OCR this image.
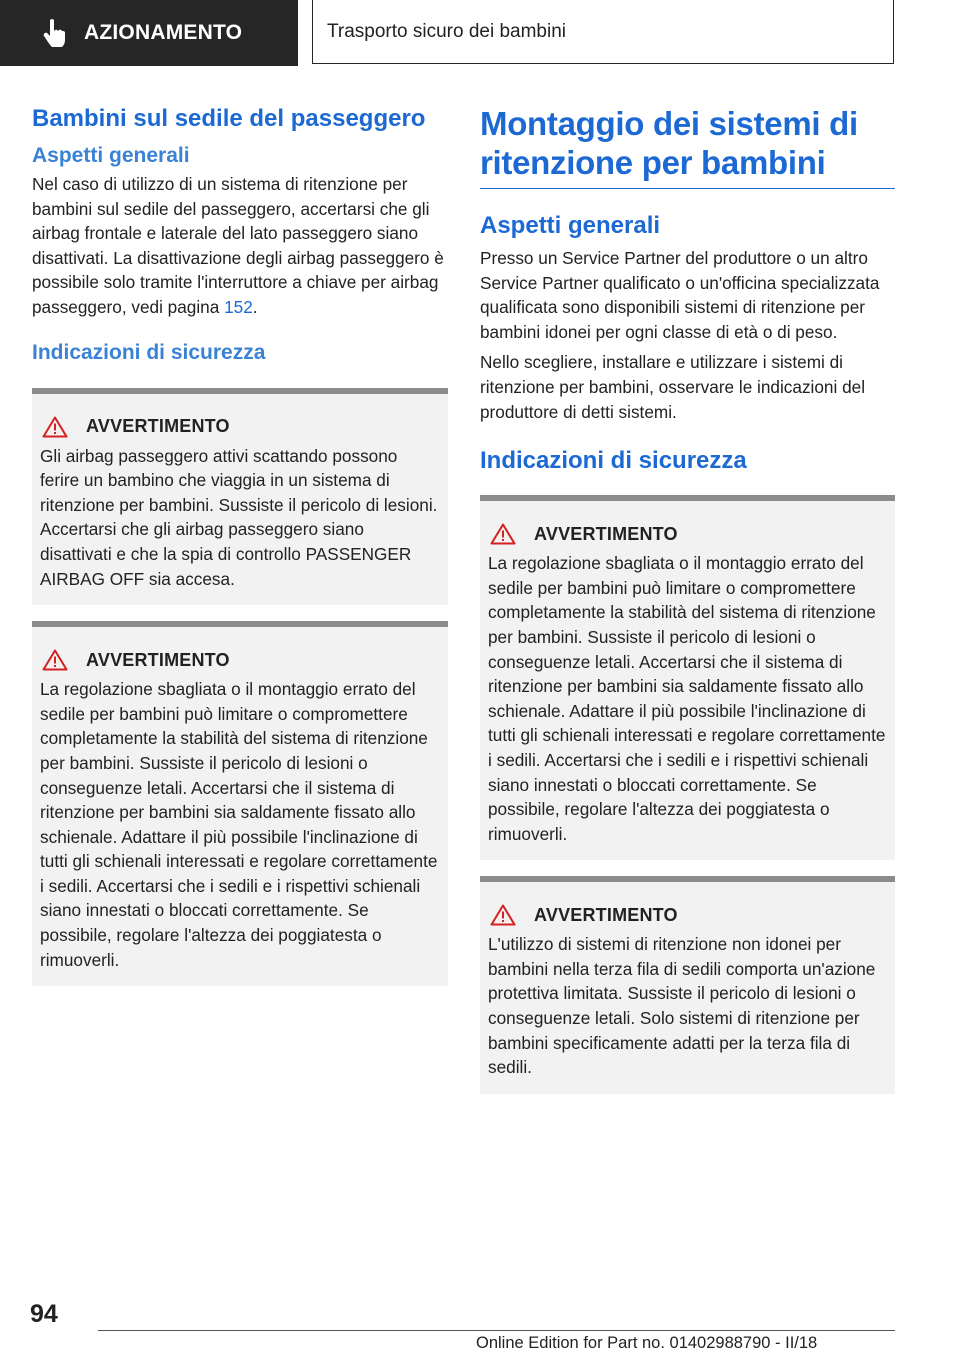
AZIONAMENTO	Trasporto sicuro dei bambini
Bambini sul sedile del passeggero
Aspetti generali

Nel caso di utilizzo di un sistema di ritenzione per bambini sul sedile del passeggero, accertarsi che gli airbag frontale e laterale del lato passeggero siano disattivati. La disattivazione degli airbag passeggero è possibile solo tramite l'interruttore a chiave per airbag passeggero, vedi pagina 152.

Indicazioni di sicurezza
AVVERTIMENTO

Gli airbag passeggero attivi scattando possono ferire un bambino che viaggia in un sistema di ritenzione per bambini. Sussiste il pericolo di lesioni. Accertarsi che gli airbag passeggero siano disattivati e che la spia di controllo PASSENGER AIRBAG OFF sia accesa.

AVVERTIMENTO

La regolazione sbagliata o il montaggio errato del sedile per bambini può limitare o compromettere completamente la stabilità del sistema di ritenzione per bambini. Sussiste il pericolo di lesioni o conseguenze letali. Accertarsi che il sistema di ritenzione per bambini sia saldamente fissato allo schienale. Adattare il più possibile l'inclinazione di tutti gli schienali interessati e regolare correttamente i sedili. Accertarsi che i sedili e i rispettivi schienali siano innestati o bloccati correttamente. Se possibile, regolare l'altezza dei poggiatesta o rimuoverli.

Montaggio dei sistemi di ritenzione per bambini
Aspetti generali

Presso un Service Partner del produttore o un altro Service Partner qualificato o un'officina specializzata qualificata sono disponibili sistemi di ritenzione per bambini idonei per ogni classe di età o di peso.

Nello scegliere, installare e utilizzare i sistemi di ritenzione per bambini, osservare le indicazioni del produttore di detti sistemi.

Indicazioni di sicurezza
AVVERTIMENTO

La regolazione sbagliata o il montaggio errato del sedile per bambini può limitare o compromettere completamente la stabilità del sistema di ritenzione per bambini. Sussiste il pericolo di lesioni o conseguenze letali. Accertarsi che il sistema di ritenzione per bambini sia saldamente fissato allo schienale. Adattare il più possibile l'inclinazione di tutti gli schienali interessati e regolare correttamente i sedili. Accertarsi che i sedili e i rispettivi schienali siano innestati o bloccati correttamente. Se possibile, regolare l'altezza dei poggiatesta o rimuoverli.

AVVERTIMENTO

L'utilizzo di sistemi di ritenzione non idonei per bambini nella terza fila di sedili comporta un'azione protettiva limitata. Sussiste il pericolo di lesioni o conseguenze letali. Solo sistemi di ritenzione per bambini specificamente adatti per la terza fila di sedili.

94
Online Edition for Part no. 01402988790 - II/18
